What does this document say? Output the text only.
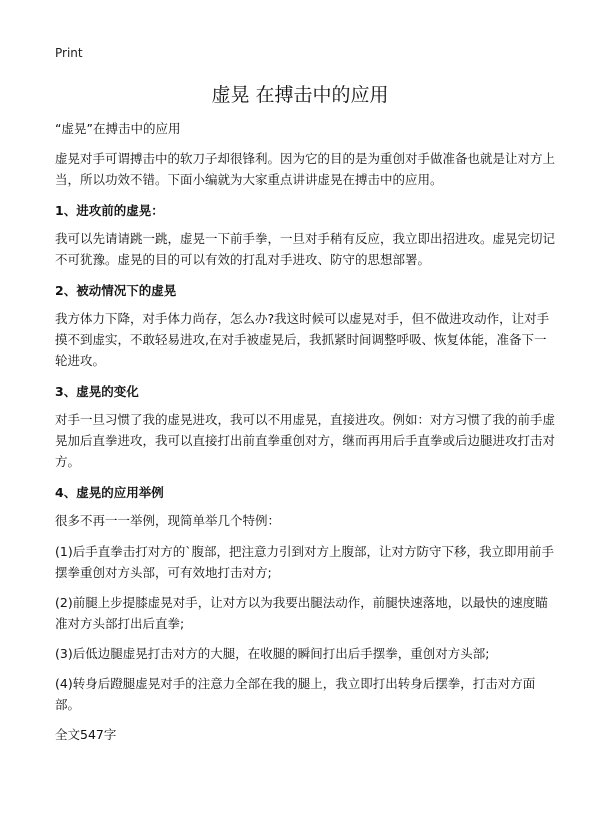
Print
虚晃 在搏击中的应用

“虚晃”在搏击中的应用

虚晃对手可谓搏击中的软刀子却很锋利。因为它的目的是为重创对手做准备也就是让对方上当，所以功效不错。下面小编就为大家重点讲讲虚晃在搏击中的应用。

1、进攻前的虚晃：

我可以先请请跳一跳，虚晃一下前手拳，一旦对手稍有反应，我立即出招进攻。虚晃完切记不可犹豫。虚晃的目的可以有效的打乱对手进攻、防守的思想部署。

2、被动情况下的虚晃

我方体力下降，对手体力尚存，怎么办?我这时候可以虚晃对手，但不做进攻动作，让对手摸不到虚实，不敢轻易进攻,在对手被虚晃后，我抓紧时间调整呼吸、恢复体能，准备下一轮进攻。

3、虚晃的变化

对手一旦习惯了我的虚晃进攻，我可以不用虚晃，直接进攻。例如：对方习惯了我的前手虚晃加后直拳进攻，我可以直接打出前直拳重创对方，继而再用后手直拳或后边腿进攻打击对方。

4、虚晃的应用举例

很多不再一一举例，现简单举几个特例：

(1)后手直拳击打对方的`腹部，把注意力引到对方上腹部，让对方防守下移，我立即用前手摆拳重创对方头部，可有效地打击对方;

(2)前腿上步提膝虚晃对手，让对方以为我要出腿法动作，前腿快速落地，以最快的速度瞄准对方头部打出后直拳;

(3)后低边腿虚晃打击对方的大腿，在收腿的瞬间打出后手摆拳，重创对方头部;

(4)转身后蹬腿虚晃对手的注意力全部在我的腿上，我立即打出转身后摆拳，打击对方面部。

全文547字
